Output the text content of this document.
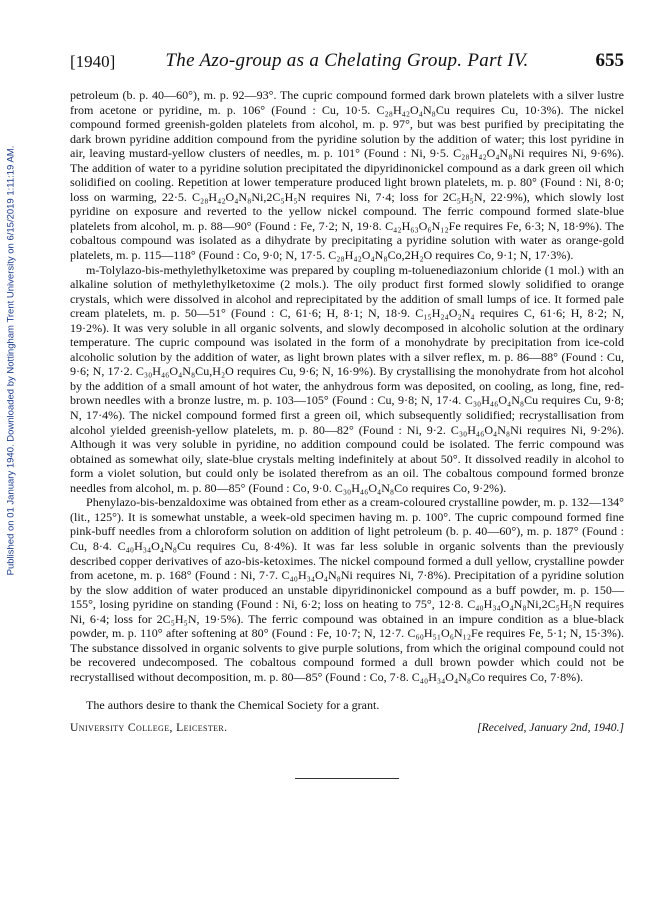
Published on 01 January 1940. Downloaded by Nottingham Trent University on 6/15/2019 1:11:19 AM.
[1940]	The Azo-group as a Chelating Group. Part IV.	655

petroleum (b. p. 40—60°), m. p. 92—93°. The cupric compound formed dark brown platelets with a silver lustre from acetone or pyridine, m. p. 106° (Found : Cu, 10·5. C₂₈H₄₂O₄N₈Cu requires Cu, 10·3%). The nickel compound formed greenish-golden platelets from alcohol, m. p. 97°, but was best purified by precipitating the dark brown pyridine addition compound from the pyridine solution by the addition of water; this lost pyridine in air, leaving mustard-yellow clusters of needles, m. p. 101° (Found : Ni, 9·5. C₂₈H₄₂O₄N₈Ni requires Ni, 9·6%). The addition of water to a pyridine solution precipitated the dipyridinonickel compound as a dark green oil which solidified on cooling. Repetition at lower temperature produced light brown platelets, m. p. 80° (Found : Ni, 8·0; loss on warming, 22·5. C₂₈H₄₂O₄N₈Ni,2C₅H₅N requires Ni, 7·4; loss for 2C₅H₅N, 22·9%), which slowly lost pyridine on exposure and reverted to the yellow nickel compound. The ferric compound formed slate-blue platelets from alcohol, m. p. 88—90° (Found : Fe, 7·2; N, 19·8. C₄₂H₆₃O₆N₁₂Fe requires Fe, 6·3; N, 18·9%). The cobaltous compound was isolated as a dihydrate by precipitating a pyridine solution with water as orange-gold platelets, m. p. 115—118° (Found : Co, 9·0; N, 17·5. C₂₈H₄₂O₄N₈Co,2H₂O requires Co, 9·1; N, 17·3%).

m-Tolylazo-bis-methylethylketoxime was prepared by coupling m-toluenediazonium chloride (1 mol.) with an alkaline solution of methylethylketoxime (2 mols.). The oily product first formed slowly solidified to orange crystals, which were dissolved in alcohol and reprecipitated by the addition of small lumps of ice. It formed pale cream platelets, m. p. 50—51° (Found : C, 61·6; H, 8·1; N, 18·9. C₁₅H₂₄O₂N₄ requires C, 61·6; H, 8·2; N, 19·2%). It was very soluble in all organic solvents, and slowly decomposed in alcoholic solution at the ordinary temperature. The cupric compound was isolated in the form of a monohydrate by precipitation from ice-cold alcoholic solution by the addition of water, as light brown plates with a silver reflex, m. p. 86—88° (Found : Cu, 9·6; N, 17·2. C₃₀H₄₆O₄N₈Cu,H₂O requires Cu, 9·6; N, 16·9%). By crystallising the monohydrate from hot alcohol by the addition of a small amount of hot water, the anhydrous form was deposited, on cooling, as long, fine, red-brown needles with a bronze lustre, m. p. 103—105° (Found : Cu, 9·8; N, 17·4. C₃₀H₄₆O₄N₈Cu requires Cu, 9·8; N, 17·4%). The nickel compound formed first a green oil, which subsequently solidified; recrystallisation from alcohol yielded greenish-yellow platelets, m. p. 80—82° (Found : Ni, 9·2. C₃₀H₄₆O₄N₈Ni requires Ni, 9·2%). Although it was very soluble in pyridine, no addition compound could be isolated. The ferric compound was obtained as somewhat oily, slate-blue crystals melting indefinitely at about 50°. It dissolved readily in alcohol to form a violet solution, but could only be isolated therefrom as an oil. The cobaltous compound formed bronze needles from alcohol, m. p. 80—85° (Found : Co, 9·0. C₃₀H₄₆O₄N₈Co requires Co, 9·2%).

Phenylazo-bis-benzaldoxime was obtained from ether as a cream-coloured crystalline powder, m. p. 132—134° (lit., 125°). It is somewhat unstable, a week-old specimen having m. p. 100°. The cupric compound formed fine pink-buff needles from a chloroform solution on addition of light petroleum (b. p. 40—60°), m. p. 187° (Found : Cu, 8·4. C₄₀H₃₄O₄N₈Cu requires Cu, 8·4%). It was far less soluble in organic solvents than the previously described copper derivatives of azo-bis-ketoximes. The nickel compound formed a dull yellow, crystalline powder from acetone, m. p. 168° (Found : Ni, 7·7. C₄₀H₃₄O₄N₈Ni requires Ni, 7·8%). Precipitation of a pyridine solution by the slow addition of water produced an unstable dipyridinonickel compound as a buff powder, m. p. 150—155°, losing pyridine on standing (Found : Ni, 6·2; loss on heating to 75°, 12·8. C₄₀H₃₄O₄N₈Ni,2C₅H₅N requires Ni, 6·4; loss for 2C₅H₅N, 19·5%). The ferric compound was obtained in an impure condition as a blue-black powder, m. p. 110° after softening at 80° (Found : Fe, 10·7; N, 12·7. C₆₀H₅₁O₆N₁₂Fe requires Fe, 5·1; N, 15·3%). The substance dissolved in organic solvents to give purple solutions, from which the original compound could not be recovered undecomposed. The cobaltous compound formed a dull brown powder which could not be recrystallised without decomposition, m. p. 80—85° (Found : Co, 7·8. C₄₀H₃₄O₄N₈Co requires Co, 7·8%).

The authors desire to thank the Chemical Society for a grant.
University College, Leicester.	[Received, January 2nd, 1940.]
